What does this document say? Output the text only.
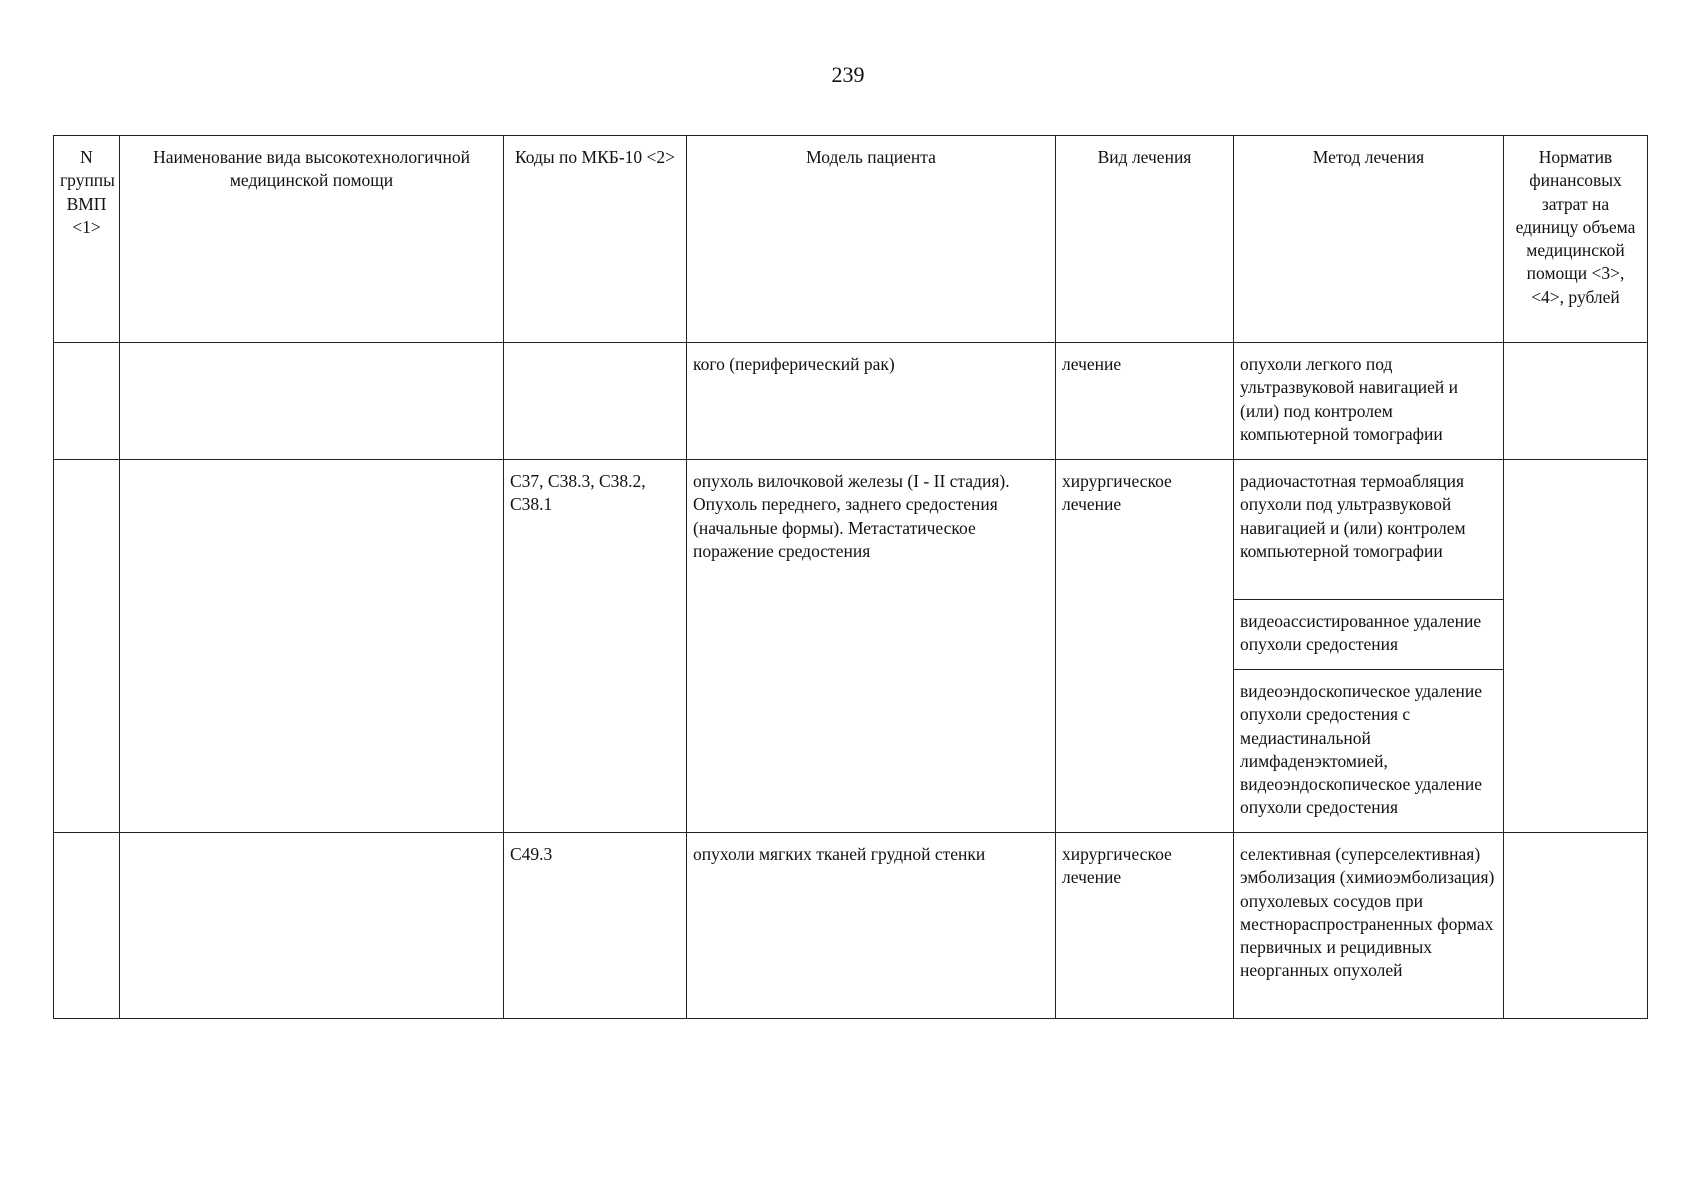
239
N группы ВМП <1>	Наименование вида высокотехнологичной медицинской помощи	Коды по МКБ-10 <2>	Модель пациента	Вид лечения	Метод лечения	Норматив финансовых затрат на единицу объема медицинской помощи <3>, <4>, рублей
			кого (периферический рак)	лечение	опухоли легкого под ультразвуковой навигацией и (или) под контролем компьютерной томографии	
		C37, C38.3, C38.2, C38.1	опухоль вилочковой железы (I - II стадия). Опухоль переднего, заднего средостения (начальные формы). Метастатическое поражение средостения	хирургическое лечение	радиочастотная термоабляция опухоли под ультразвуковой навигацией и (или) контролем компьютерной томографии	
					видеоассистированное удаление опухоли средостения	
					видеоэндоскопическое удаление опухоли средостения с медиастинальной лимфаденэктомией, видеоэндоскопическое удаление опухоли средостения	
		C49.3	опухоли мягких тканей грудной стенки	хирургическое лечение	селективная (суперселективная) эмболизация (химиоэмболизация) опухолевых сосудов при местнораспространенных формах первичных и рецидивных неорганных опухолей	
